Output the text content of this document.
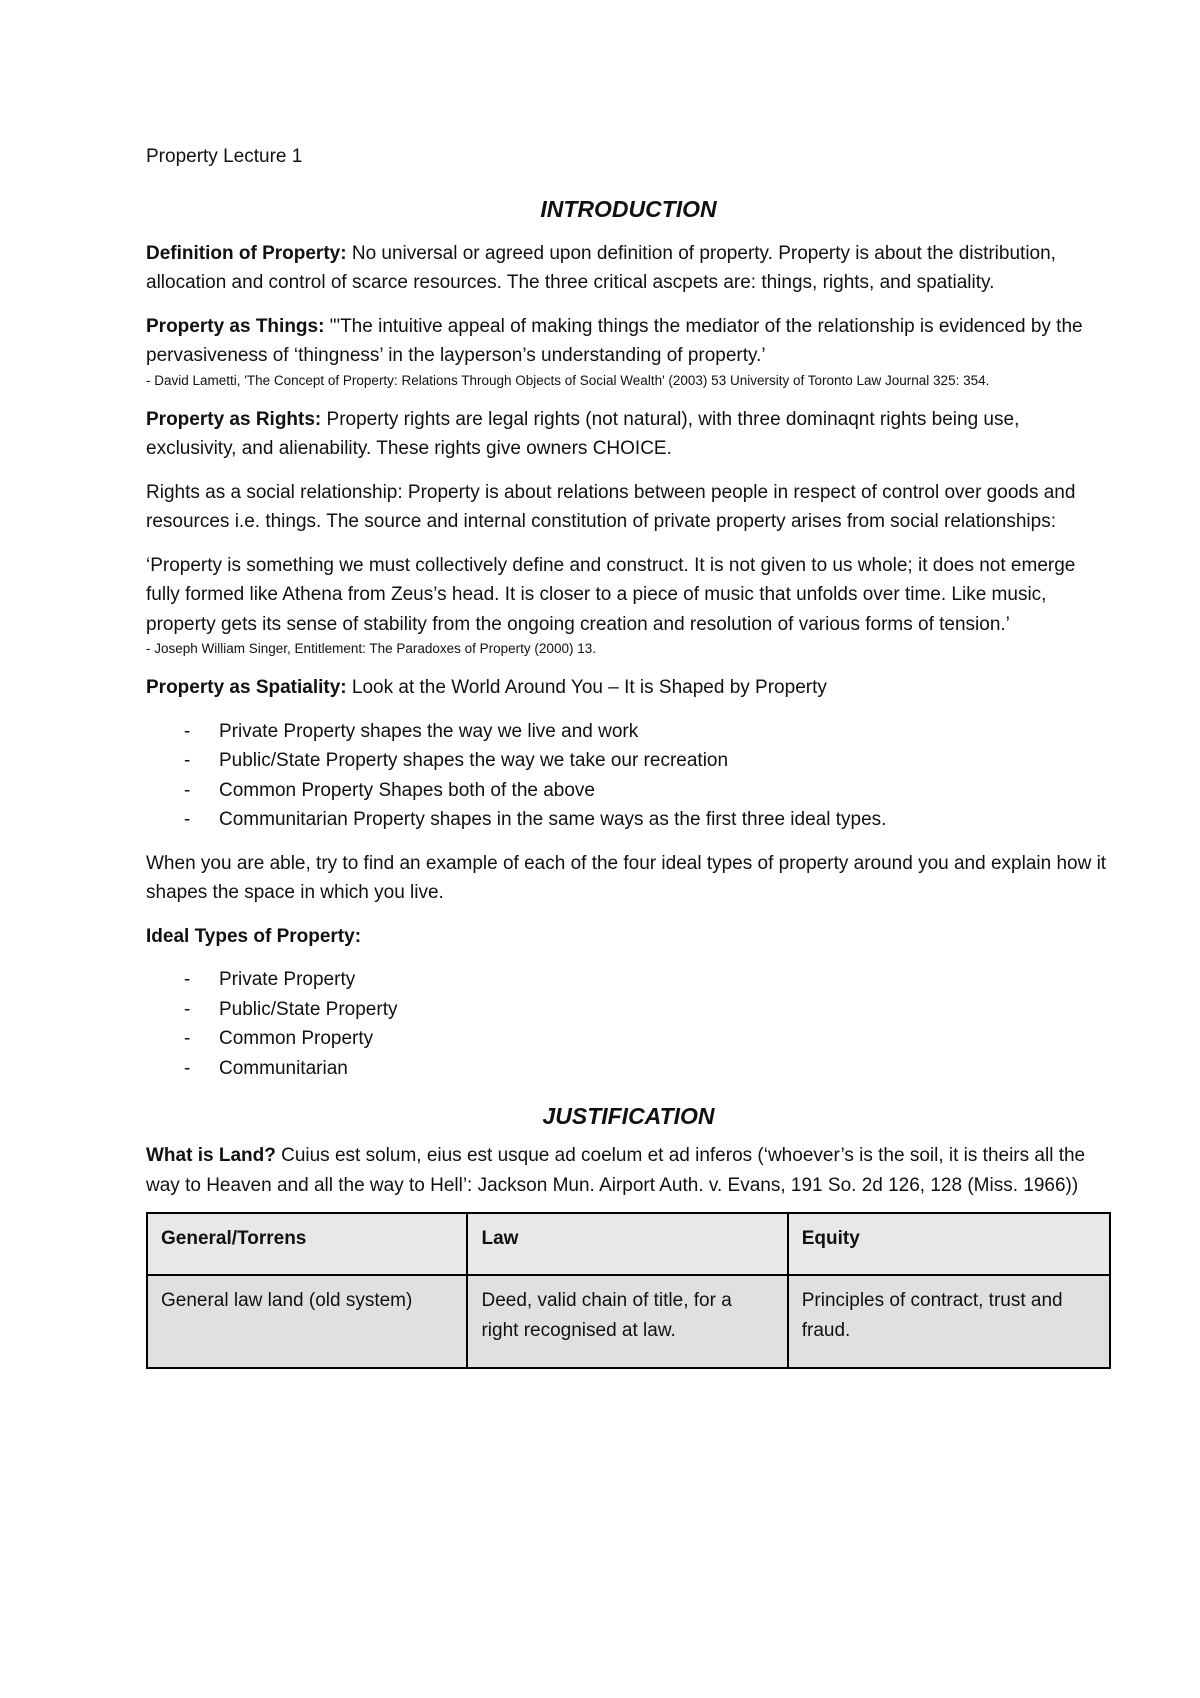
Property Lecture 1

INTRODUCTION

Definition of Property: No universal or agreed upon definition of property. Property is about the distribution, allocation and control of scarce resources. The three critical ascpets are: things, rights, and spatiality.

Property as Things: "'The intuitive appeal of making things the mediator of the relationship is evidenced by the pervasiveness of ‘thingness’ in the layperson’s understanding of property.’

- David Lametti, 'The Concept of Property: Relations Through Objects of Social Wealth' (2003) 53 University of Toronto Law Journal 325: 354.

Property as Rights: Property rights are legal rights (not natural), with three dominaqnt rights being use, exclusivity, and alienability. These rights give owners CHOICE.

Rights as a social relationship: Property is about relations between people in respect of control over goods and resources i.e. things. The source and internal constitution of private property arises from social relationships:

‘Property is something we must collectively define and construct. It is not given to us whole; it does not emerge fully formed like Athena from Zeus’s head. It is closer to a piece of music that unfolds over time. Like music, property gets its sense of stability from the ongoing creation and resolution of various forms of tension.’

- Joseph William Singer, Entitlement: The Paradoxes of Property (2000) 13.

Property as Spatiality: Look at the World Around You – It is Shaped by Property

- Private Property shapes the way we live and work
- Public/State Property shapes the way we take our recreation
- Common Property Shapes both of the above
- Communitarian Property shapes in the same ways as the first three ideal types.

When you are able, try to find an example of each of the four ideal types of property around you and explain how it shapes the space in which you live.

Ideal Types of Property:

- Private Property
- Public/State Property
- Common Property
- Communitarian
JUSTIFICATION

What is Land? Cuius est solum, eius est usque ad coelum et ad inferos (‘whoever’s is the soil, it is theirs all the way to Heaven and all the way to Hell’: Jackson Mun. Airport Auth. v. Evans, 191 So. 2d 126, 128 (Miss. 1966))

General/Torrens	Law	Equity
General law land (old system)	Deed, valid chain of title, for a right recognised at law.	Principles of contract, trust and fraud.
